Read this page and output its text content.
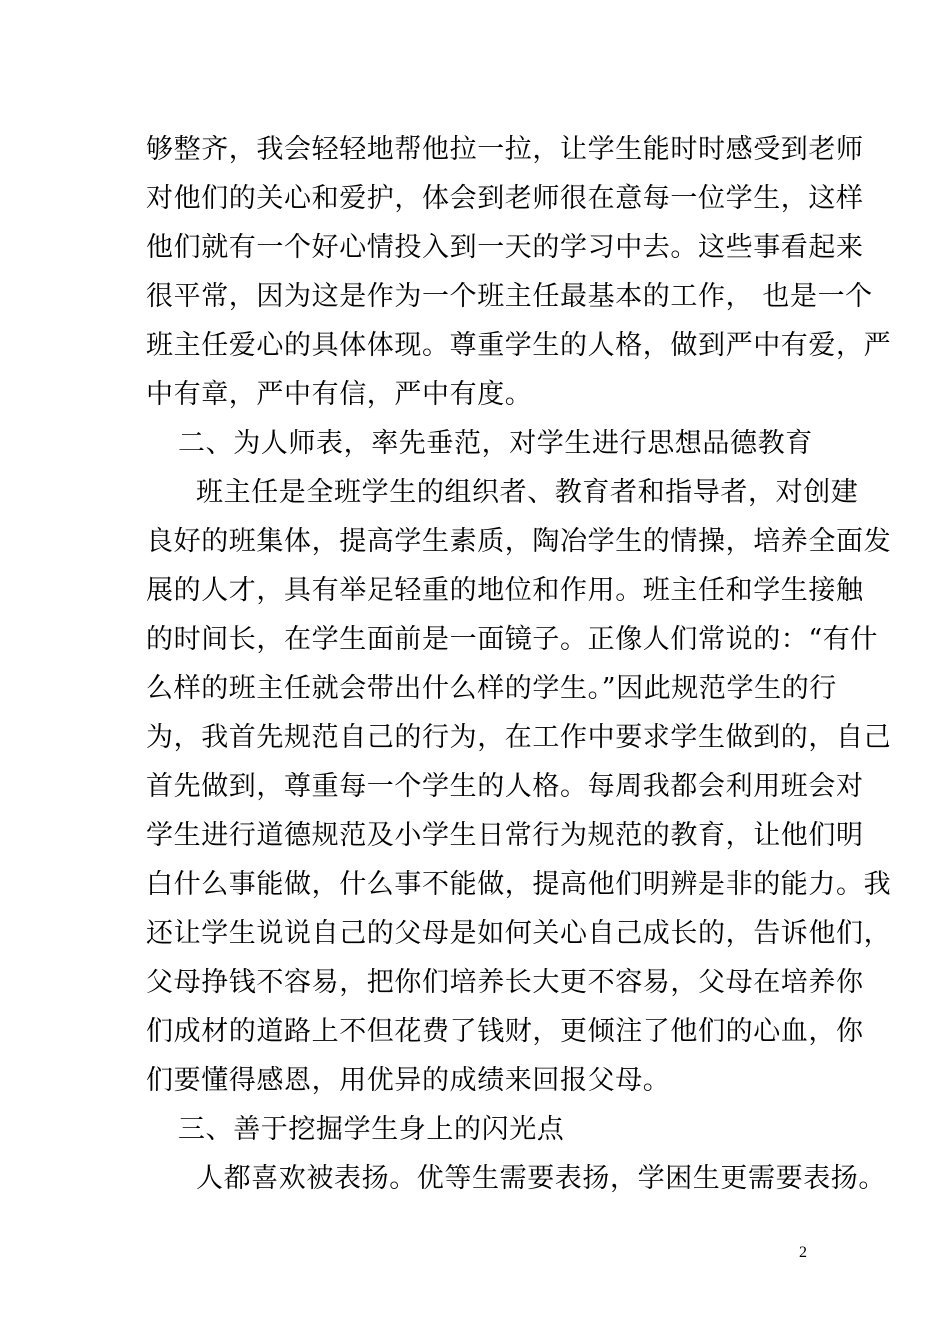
够整齐，我会轻轻地帮他拉一拉，让学生能时时感受到老师
对他们的关心和爱护，体会到老师很在意每一位学生，这样
他们就有一个好心情投入到一天的学习中去。这些事看起来
很平常，因为这是作为一个班主任最基本的工作， 也是一个
班主任爱心的具体体现。尊重学生的人格，做到严中有爱，严
中有章，严中有信，严中有度。
二、为人师表，率先垂范，对学生进行思想品德教育
班主任是全班学生的组织者、教育者和指导者，对创建
良好的班集体，提高学生素质，陶冶学生的情操，培养全面发
展的人才，具有举足轻重的地位和作用。班主任和学生接触
的时间长，在学生面前是一面镜子。正像人们常说的：“有什
么样的班主任就会带出什么样的学生。”因此规范学生的行
为，我首先规范自己的行为，在工作中要求学生做到的，自己
首先做到，尊重每一个学生的人格。每周我都会利用班会对
学生进行道德规范及小学生日常行为规范的教育，让他们明
白什么事能做，什么事不能做，提高他们明辨是非的能力。我
还让学生说说自己的父母是如何关心自己成长的，告诉他们，
父母挣钱不容易，把你们培养长大更不容易，父母在培养你
们成材的道路上不但花费了钱财，更倾注了他们的心血，你
们要懂得感恩，用优异的成绩来回报父母。
三、善于挖掘学生身上的闪光点
人都喜欢被表扬。优等生需要表扬，学困生更需要表扬。
2
